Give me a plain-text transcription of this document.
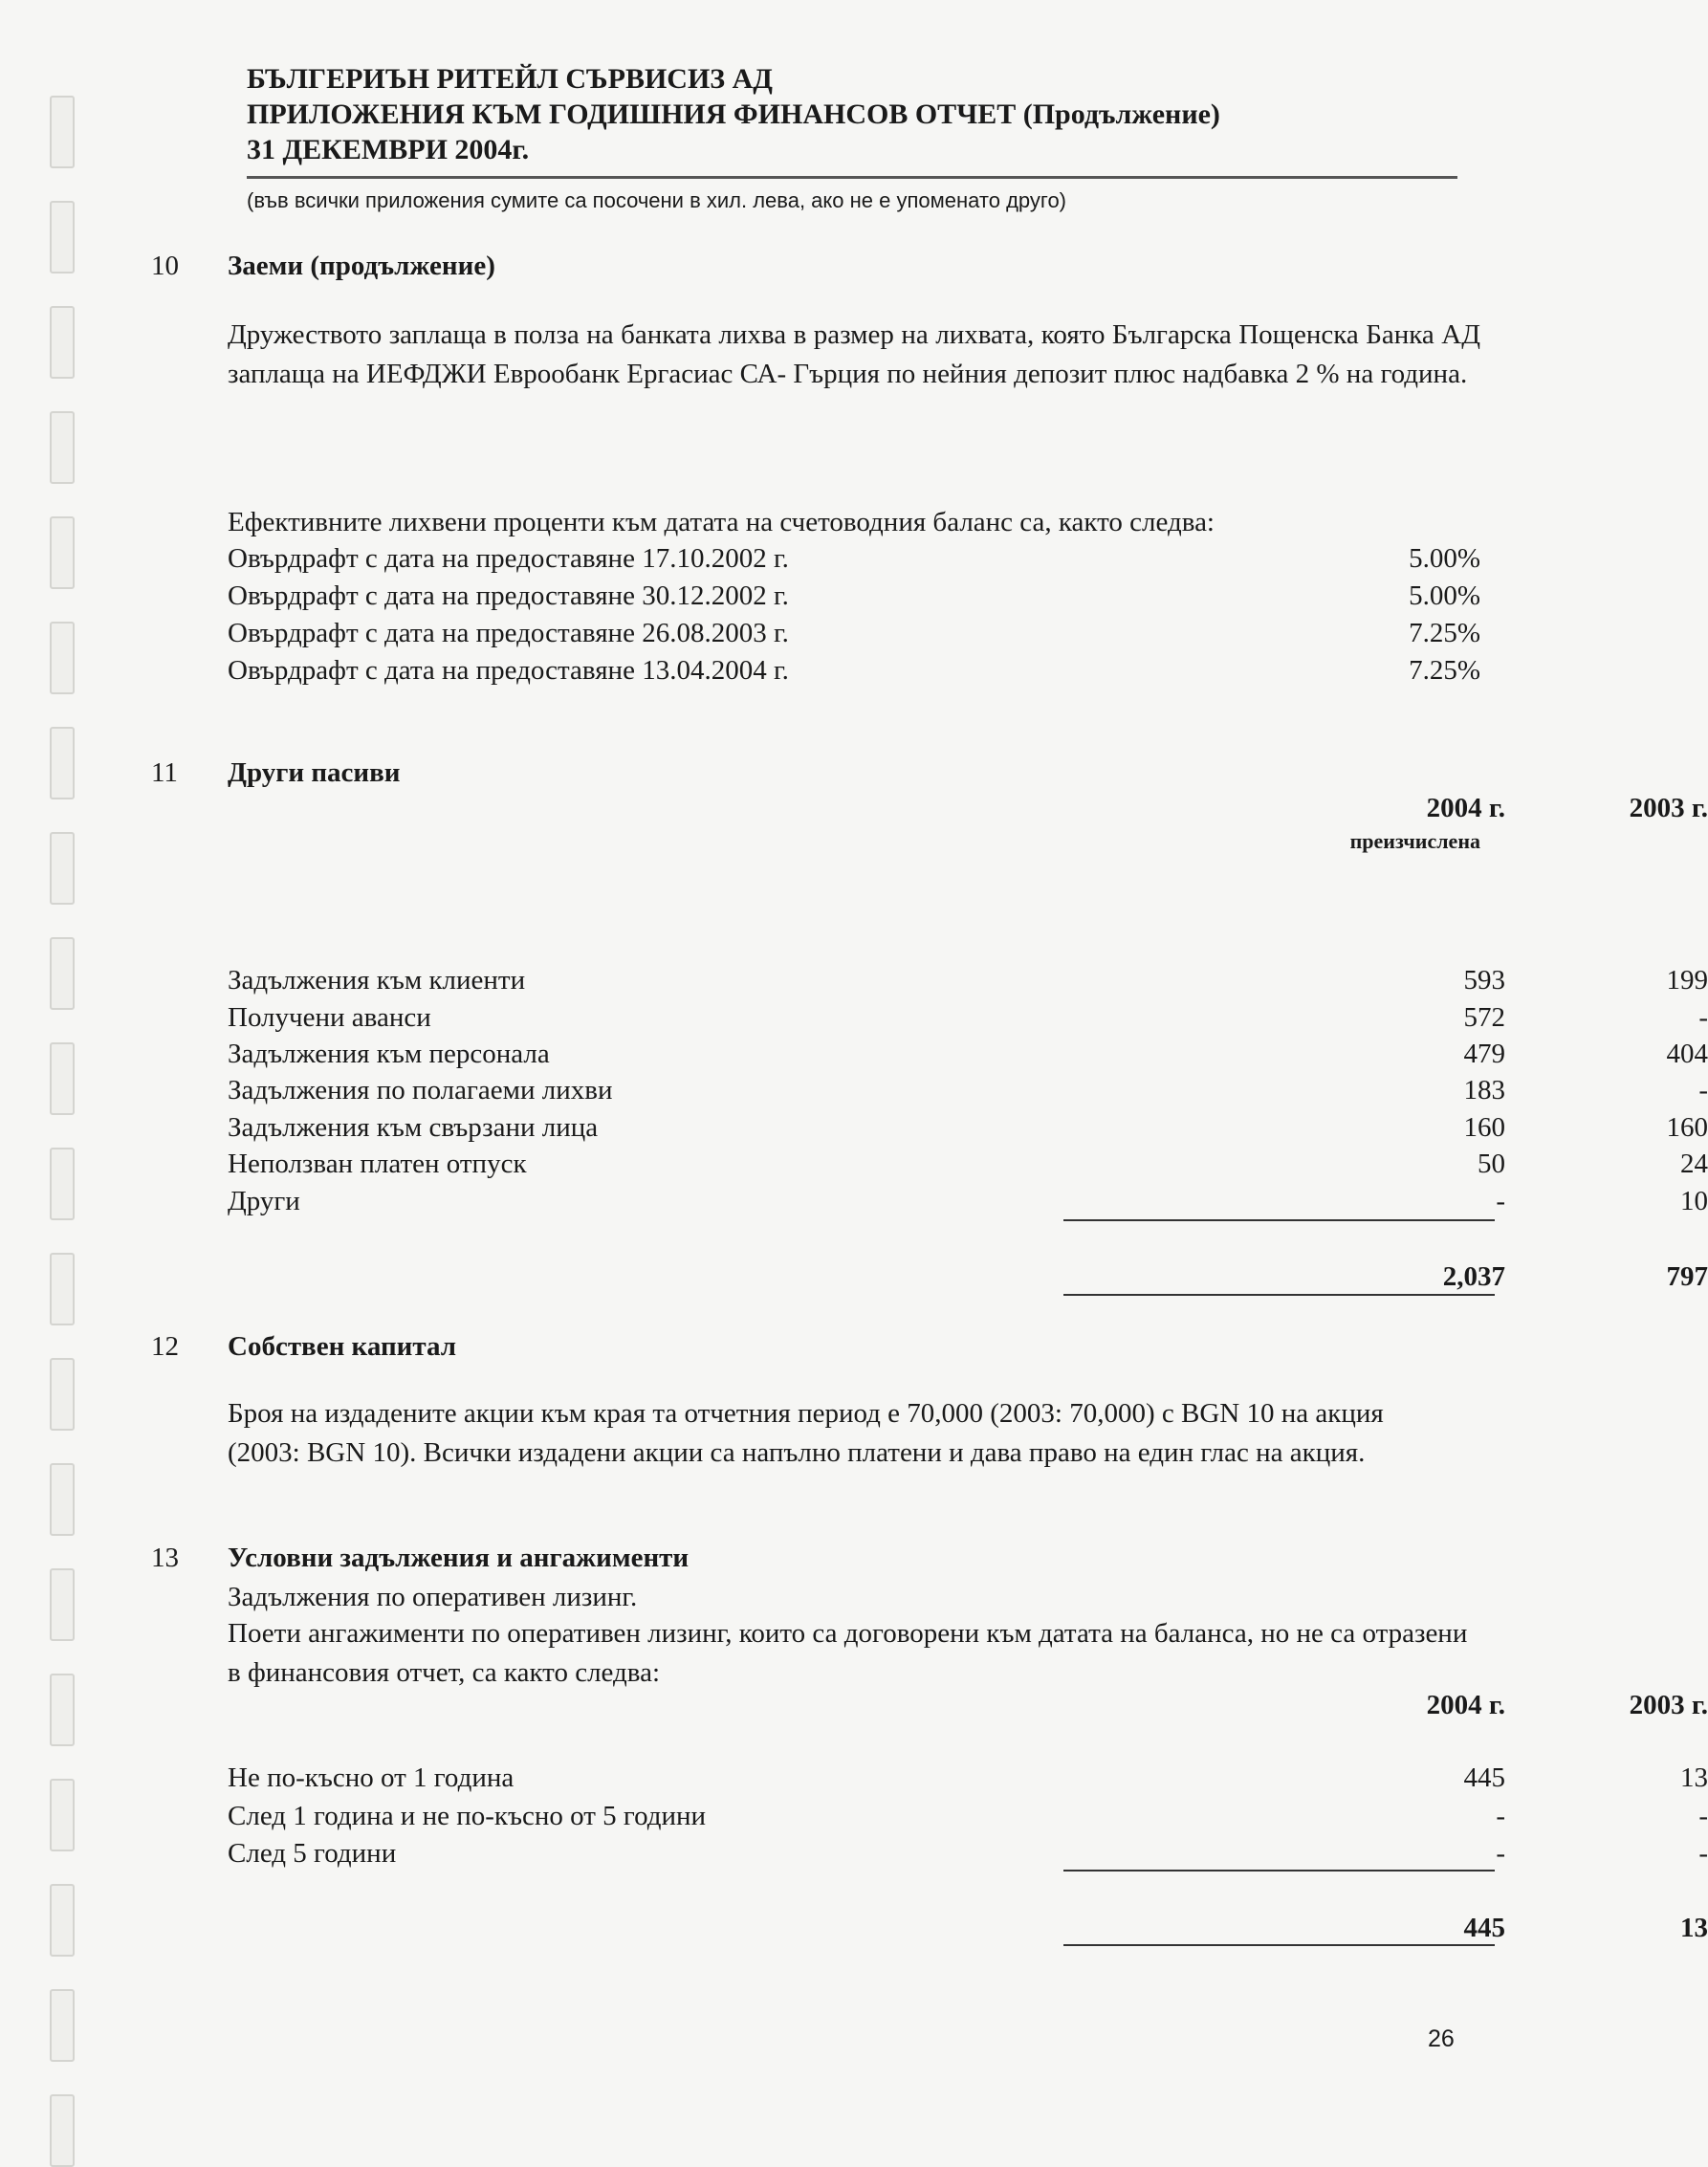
БЪЛГЕРИЪН РИТЕЙЛ СЪРВИСИЗ АД
ПРИЛОЖЕНИЯ КЪМ ГОДИШНИЯ ФИНАНСОВ ОТЧЕТ (Продължение)
31 ДЕКЕМВРИ 2004г.
(във всички приложения сумите са посочени в хил. лева, ако не е упоменато друго)
10 Заеми (продължение)
Дружеството заплаща в полза на банката лихва в размер на лихвата, която Българска Пощенска Банка АД заплаща на ИЕФДЖИ Еврообанк Ергасиас СА- Гърция по нейния депозит плюс надбавка 2 % на година.
Ефективните лихвени проценти към датата на счетоводния баланс са, както следва:
Овърдрафт с дата на предоставяне 17.10.2002 г.	5.00%
Овърдрафт с дата на предоставяне 30.12.2002 г.	5.00%
Овърдрафт с дата на предоставяне 26.08.2003 г.	7.25%
Овърдрафт с дата на предоставяне 13.04.2004 г.	7.25%
11 Други пасиви
2004 г.	2003 г.
преизчислена
Задължения към клиенти	593	199
Получени аванси	572	-
Задължения към персонала	479	404
Задължения по полагаеми лихви	183	-
Задължения към свързани лица	160	160
Неползван платен отпуск	50	24
Други	-	10
2,037	797
12 Собствен капитал
Броя на издадените акции към края та отчетния период е 70,000 (2003: 70,000) с BGN 10 на акция (2003: BGN 10). Всички издадени акции са напълно платени и дава право на един глас на акция.
13 Условни задължения и ангажименти
Задължения по оперативен лизинг.
Поети ангажименти по оперативен лизинг, които са договорени към датата на баланса, но не са отразени в финансовия отчет, са както следва:
2004 г.	2003 г.
Не по-късно от 1 година	445	13
След 1 година и не по-късно от 5 години	-	-
След 5 години	-	-
445	13
26
